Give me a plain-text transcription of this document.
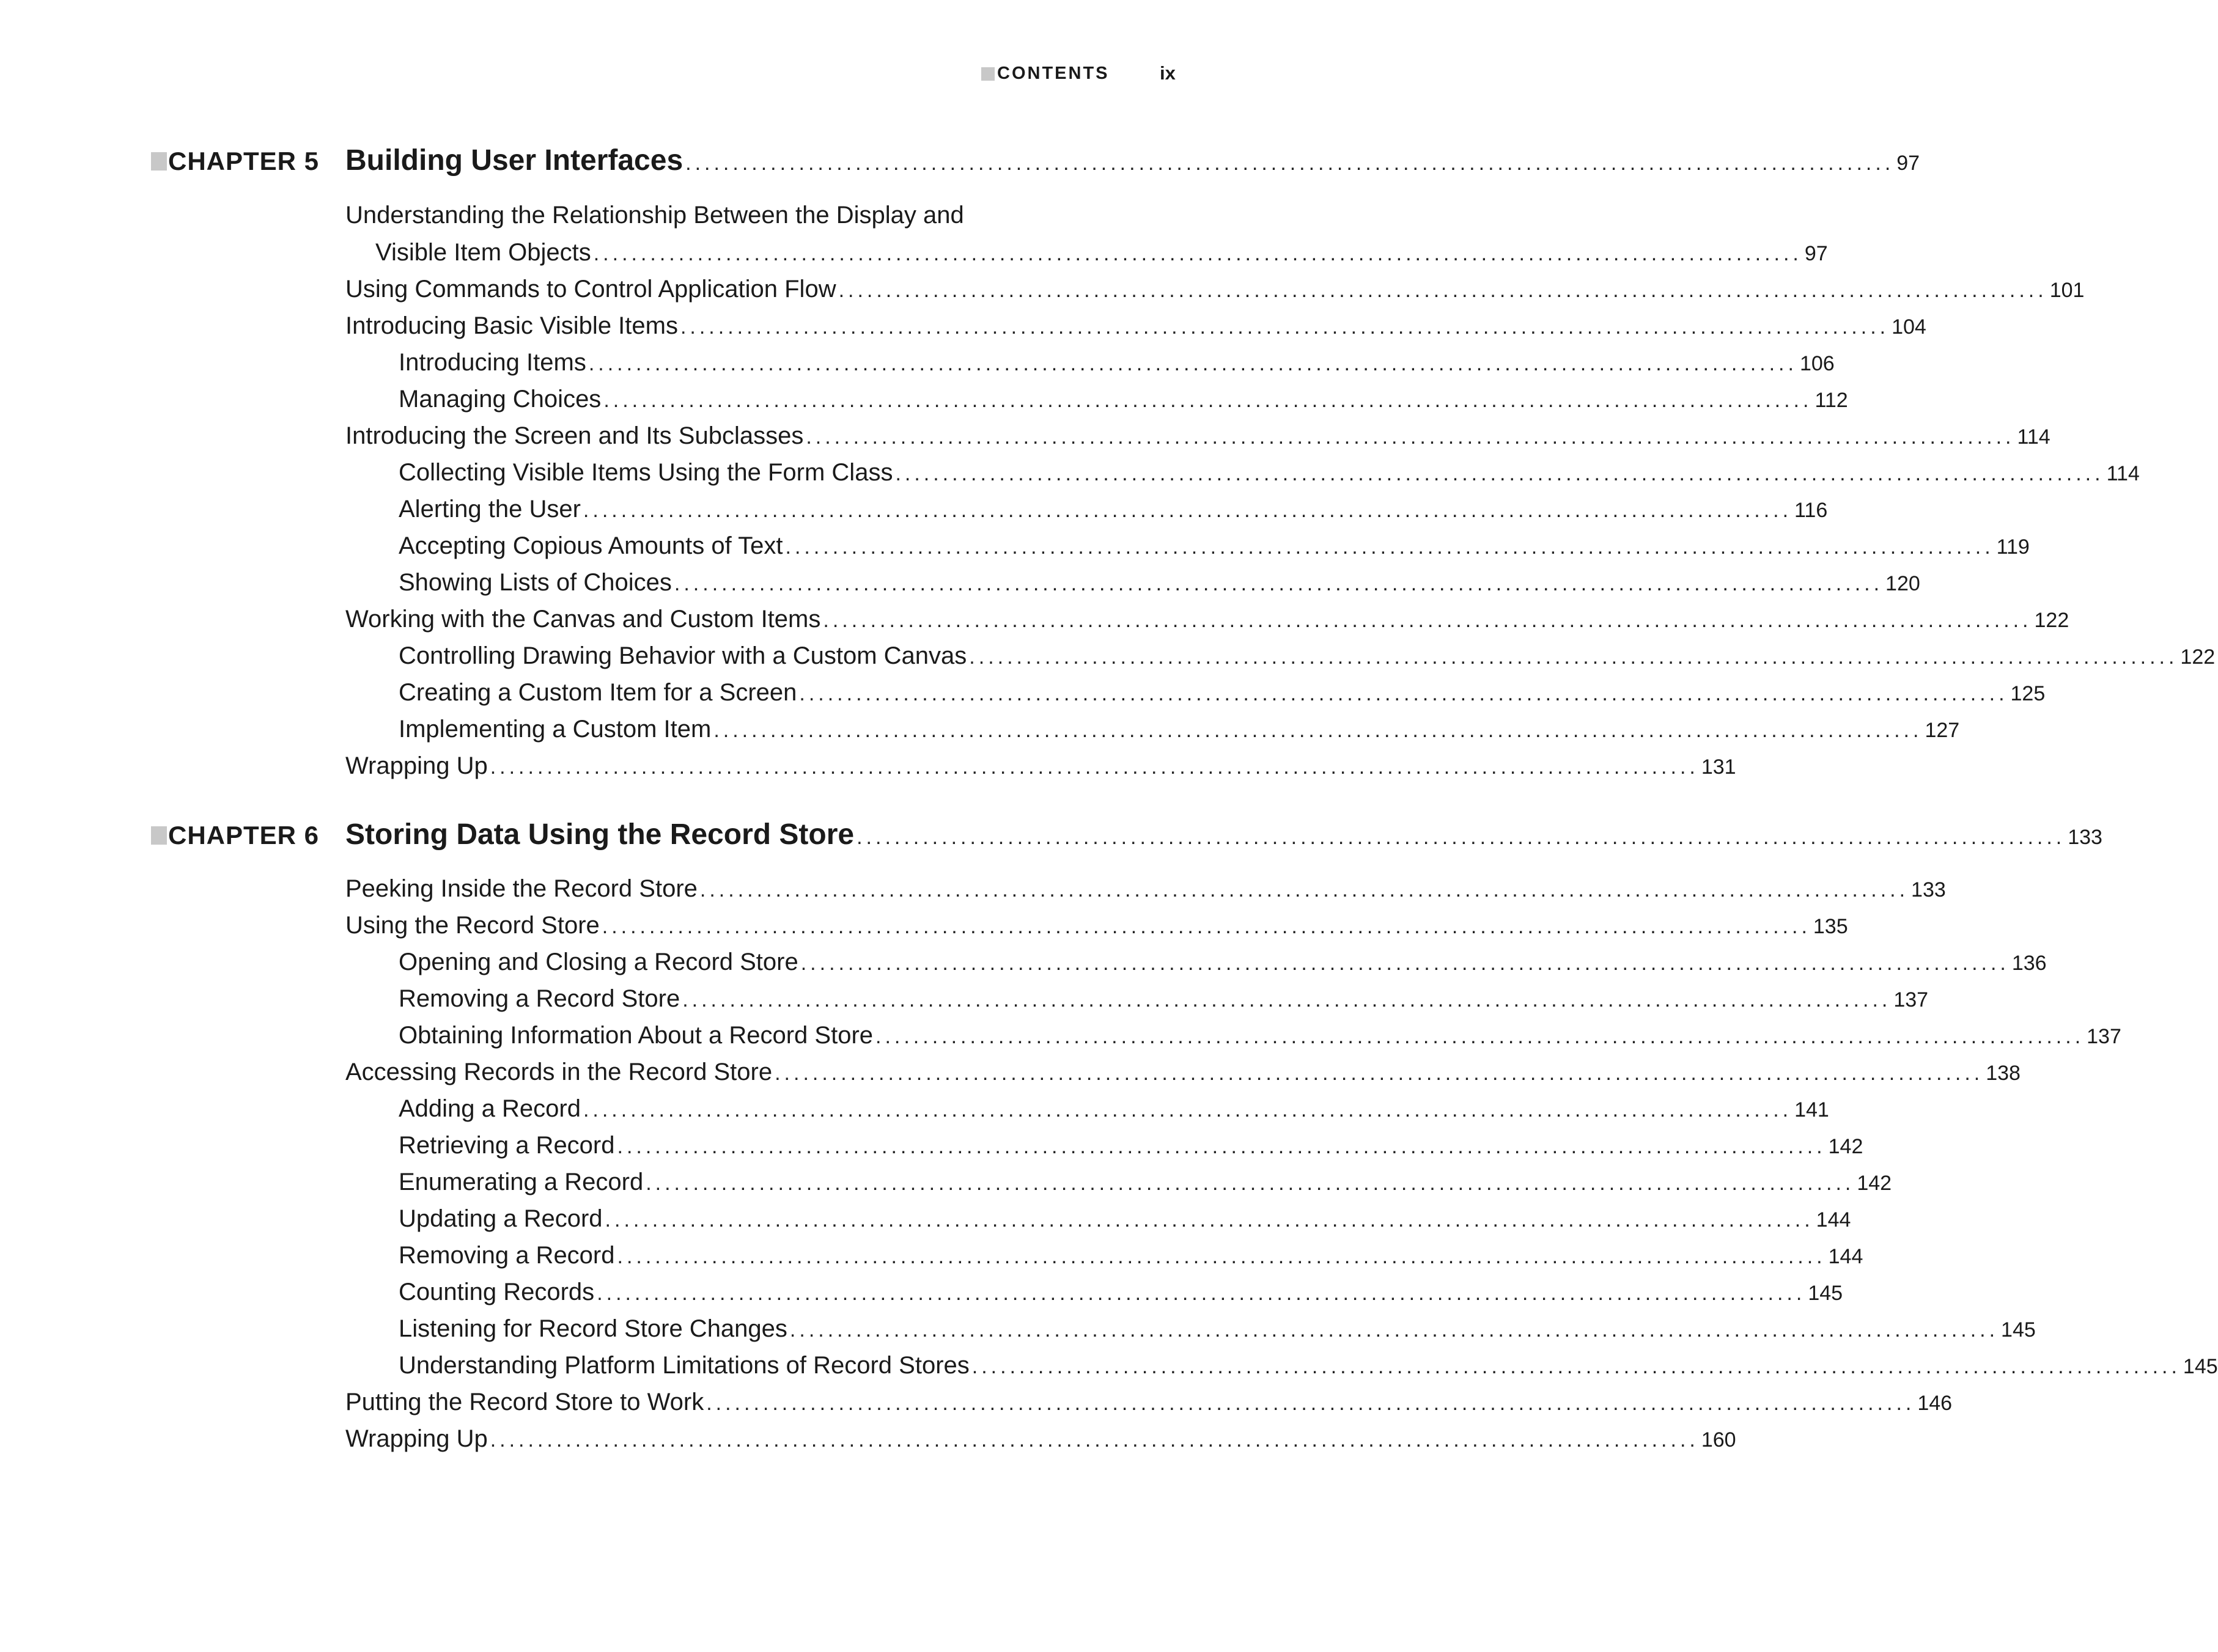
CONTENTS	ix
CHAPTER 5 Building User Interfaces ................................................................................................................................ 97
Understanding the Relationship Between the Display and
Visible Item Objects ................................................................................................................................ 97
Using Commands to Control Application Flow ................................................................................................................................ 101
Introducing Basic Visible Items ................................................................................................................................ 104
Introducing Items ................................................................................................................................ 106
Managing Choices ................................................................................................................................ 112
Introducing the Screen and Its Subclasses ................................................................................................................................ 114
Collecting Visible Items Using the Form Class ................................................................................................................................ 114
Alerting the User ................................................................................................................................ 116
Accepting Copious Amounts of Text ................................................................................................................................ 119
Showing Lists of Choices ................................................................................................................................ 120
Working with the Canvas and Custom Items ................................................................................................................................ 122
Controlling Drawing Behavior with a Custom Canvas ................................................................................................................................ 122
Creating a Custom Item for a Screen ................................................................................................................................ 125
Implementing a Custom Item ................................................................................................................................ 127
Wrapping Up ................................................................................................................................ 131
CHAPTER 6 Storing Data Using the Record Store ................................................................................................................................ 133
Peeking Inside the Record Store ................................................................................................................................ 133
Using the Record Store ................................................................................................................................ 135
Opening and Closing a Record Store ................................................................................................................................ 136
Removing a Record Store ................................................................................................................................ 137
Obtaining Information About a Record Store ................................................................................................................................ 137
Accessing Records in the Record Store ................................................................................................................................ 138
Adding a Record ................................................................................................................................ 141
Retrieving a Record ................................................................................................................................ 142
Enumerating a Record ................................................................................................................................ 142
Updating a Record ................................................................................................................................ 144
Removing a Record ................................................................................................................................ 144
Counting Records ................................................................................................................................ 145
Listening for Record Store Changes ................................................................................................................................ 145
Understanding Platform Limitations of Record Stores ................................................................................................................................ 145
Putting the Record Store to Work ................................................................................................................................ 146
Wrapping Up ................................................................................................................................ 160
